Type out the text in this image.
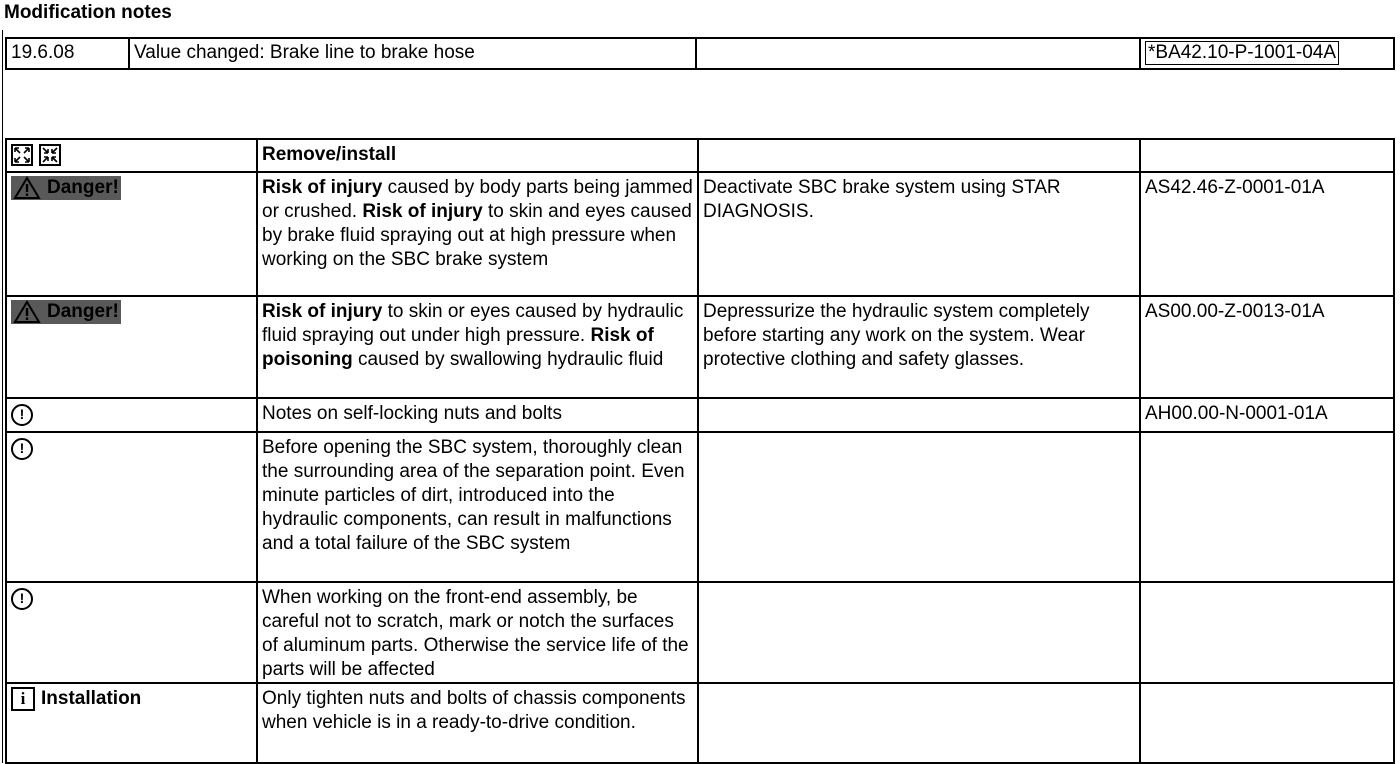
Modification notes
19.6.08	Value changed: Brake line to brake hose		*BA42.10-P-1001-04A
	Remove/install		

Danger!	Risk of injury caused by body parts being jammed or crushed. Risk of injury to skin and eyes caused by brake fluid spraying out at high pressure when working on the SBC brake system	Deactivate SBC brake system using STAR DIAGNOSIS.	AS42.46-Z-0001-01A

Danger!	Risk of injury to skin or eyes caused by hydraulic fluid spraying out under high pressure. Risk of poisoning caused by swallowing hydraulic fluid	Depressurize the hydraulic system completely before starting any work on the system. Wear protective clothing and safety glasses.	AS00.00-Z-0013-01A
!	Notes on self-locking nuts and bolts		AH00.00-N-0001-01A
!	Before opening the SBC system, thoroughly clean the surrounding area of the separation point. Even minute particles of dirt, introduced into the hydraulic components, can result in malfunctions and a total failure of the SBC system		
!	When working on the front-end assembly, be careful not to scratch, mark or notch the surfaces of aluminum parts. Otherwise the service life of the parts will be affected		
i Installation	Only tighten nuts and bolts of chassis components when vehicle is in a ready-to-drive condition.		
